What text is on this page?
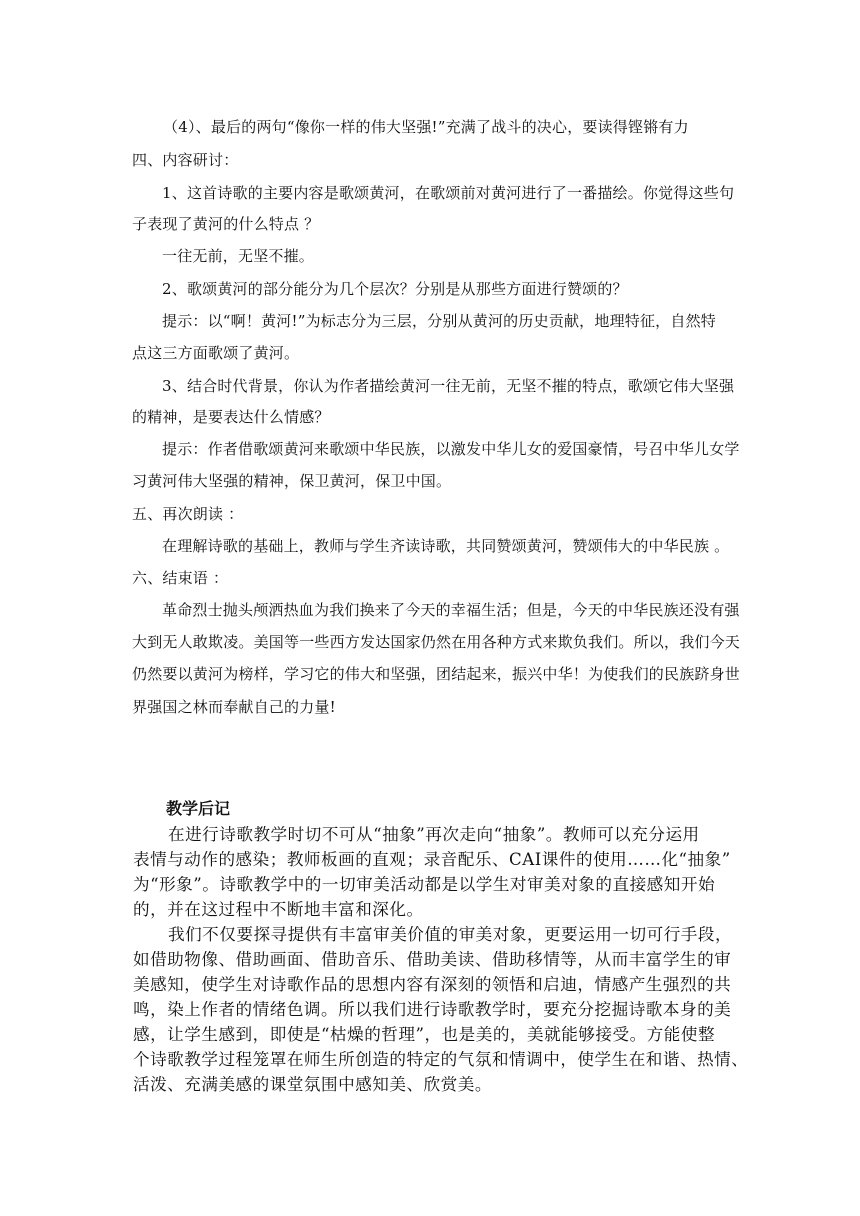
（4）、最后的两句“像你一样的伟大坚强!”充满了战斗的决心，要读得铿锵有力
四、内容研讨：
1、这首诗歌的主要内容是歌颂黄河，在歌颂前对黄河进行了一番描绘。你觉得这些句
子表现了黄河的什么特点 ？
一往无前，无坚不摧。
2、歌颂黄河的部分能分为几个层次？分别是从那些方面进行赞颂的？
提示：以“啊！黄河!”为标志分为三层，分别从黄河的历史贡献，地理特征，自然特
点这三方面歌颂了黄河。
3、结合时代背景，你认为作者描绘黄河一往无前，无坚不摧的特点，歌颂它伟大坚强
的精神，是要表达什么情感？
提示：作者借歌颂黄河来歌颂中华民族，以激发中华儿女的爱国豪情，号召中华儿女学
习黄河伟大坚强的精神，保卫黄河，保卫中国。
五、再次朗读 ：
在理解诗歌的基础上，教师与学生齐读诗歌，共同赞颂黄河，赞颂伟大的中华民族 。
六、结束语 ：
革命烈士抛头颅洒热血为我们换来了今天的幸福生活；但是，今天的中华民族还没有强
大到无人敢欺凌。美国等一些西方发达国家仍然在用各种方式来欺负我们。所以，我们今天
仍然要以黄河为榜样，学习它的伟大和坚强，团结起来，振兴中华！为使我们的民族跻身世
界强国之林而奉献自己的力量!
教学后记
在进行诗歌教学时切不可从“抽象”再次走向“抽象”。教师可以充分运用
表情与动作的感染；教师板画的直观；录音配乐、CAI课件的使用……化“抽象”
为“形象”。诗歌教学中的一切审美活动都是以学生对审美对象的直接感知开始
的，并在这过程中不断地丰富和深化。
我们不仅要探寻提供有丰富审美价值的审美对象，更要运用一切可行手段，
如借助物像、借助画面、借助音乐、借助美读、借助移情等，从而丰富学生的审
美感知，使学生对诗歌作品的思想内容有深刻的领悟和启迪，情感产生强烈的共
鸣，染上作者的情绪色调。所以我们进行诗歌教学时，要充分挖掘诗歌本身的美
感，让学生感到，即使是“枯燥的哲理”，也是美的，美就能够接受。方能使整
个诗歌教学过程笼罩在师生所创造的特定的气氛和情调中，使学生在和谐、热情、
活泼、充满美感的课堂氛围中感知美、欣赏美。
